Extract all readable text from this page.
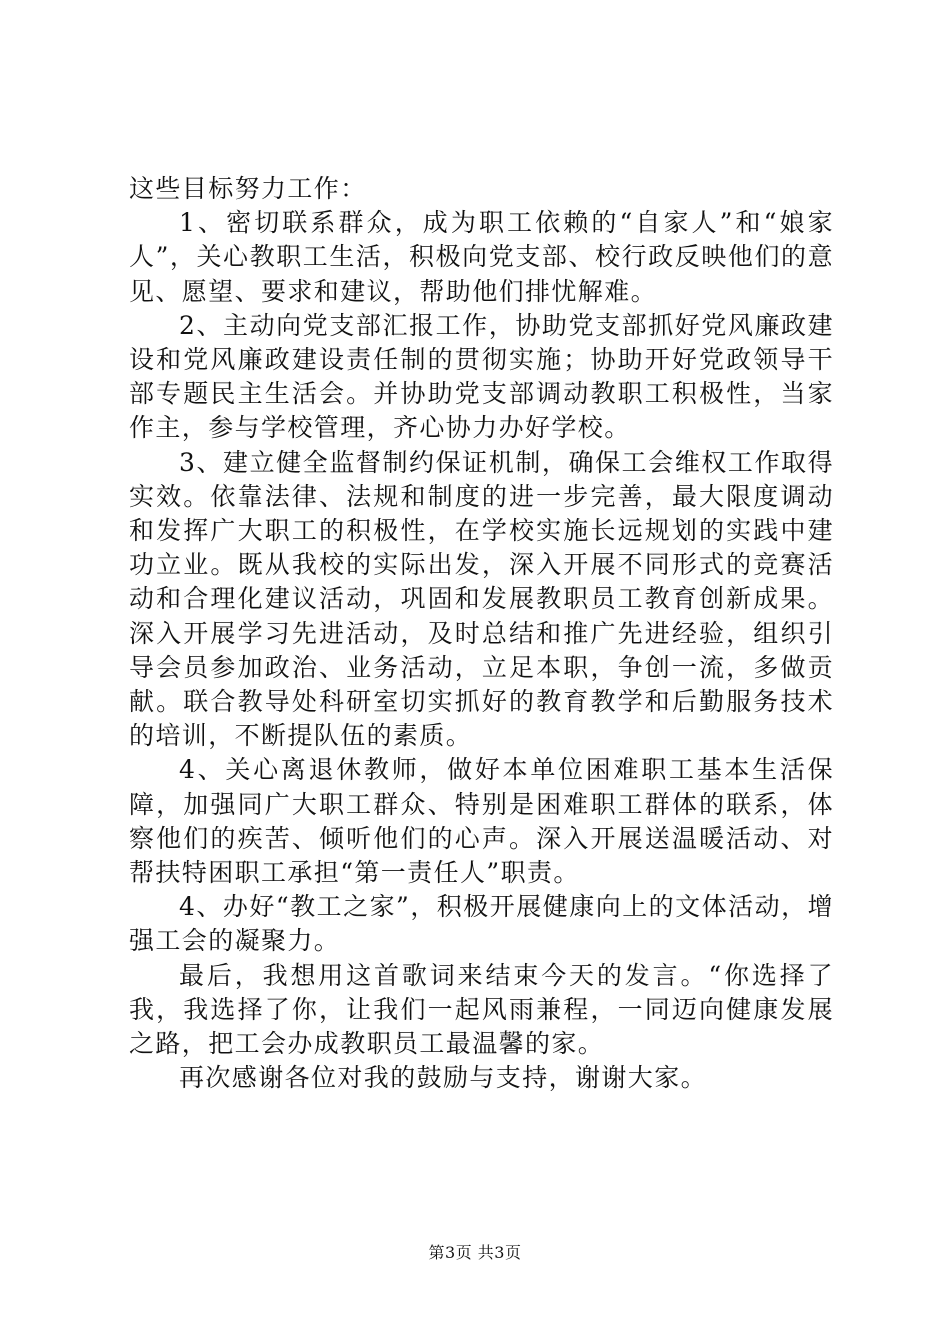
这些目标努力工作：

1、密切联系群众，成为职工依赖的“自家人”和“娘家人”，关心教职工生活，积极向党支部、校行政反映他们的意见、愿望、要求和建议，帮助他们排忧解难。

2、主动向党支部汇报工作，协助党支部抓好党风廉政建设和党风廉政建设责任制的贯彻实施；协助开好党政领导干部专题民主生活会。并协助党支部调动教职工积极性，当家作主，参与学校管理，齐心协力办好学校。

3、建立健全监督制约保证机制，确保工会维权工作取得实效。依靠法律、法规和制度的进一步完善，最大限度调动和发挥广大职工的积极性，在学校实施长远规划的实践中建功立业。既从我校的实际出发，深入开展不同形式的竞赛活动和合理化建议活动，巩固和发展教职员工教育创新成果。深入开展学习先进活动，及时总结和推广先进经验，组织引导会员参加政治、业务活动，立足本职，争创一流，多做贡献。联合教导处科研室切实抓好的教育教学和后勤服务技术的培训，不断提队伍的素质。

4、关心离退休教师，做好本单位困难职工基本生活保障，加强同广大职工群众、特别是困难职工群体的联系，体察他们的疾苦、倾听他们的心声。深入开展送温暖活动、对帮扶特困职工承担“第一责任人”职责。

4、办好“教工之家”，积极开展健康向上的文体活动，增强工会的凝聚力。

最后，我想用这首歌词来结束今天的发言。“你选择了我，我选择了你，让我们一起风雨兼程，一同迈向健康发展之路，把工会办成教职员工最温馨的家。

再次感谢各位对我的鼓励与支持，谢谢大家。

第3页 共3页
